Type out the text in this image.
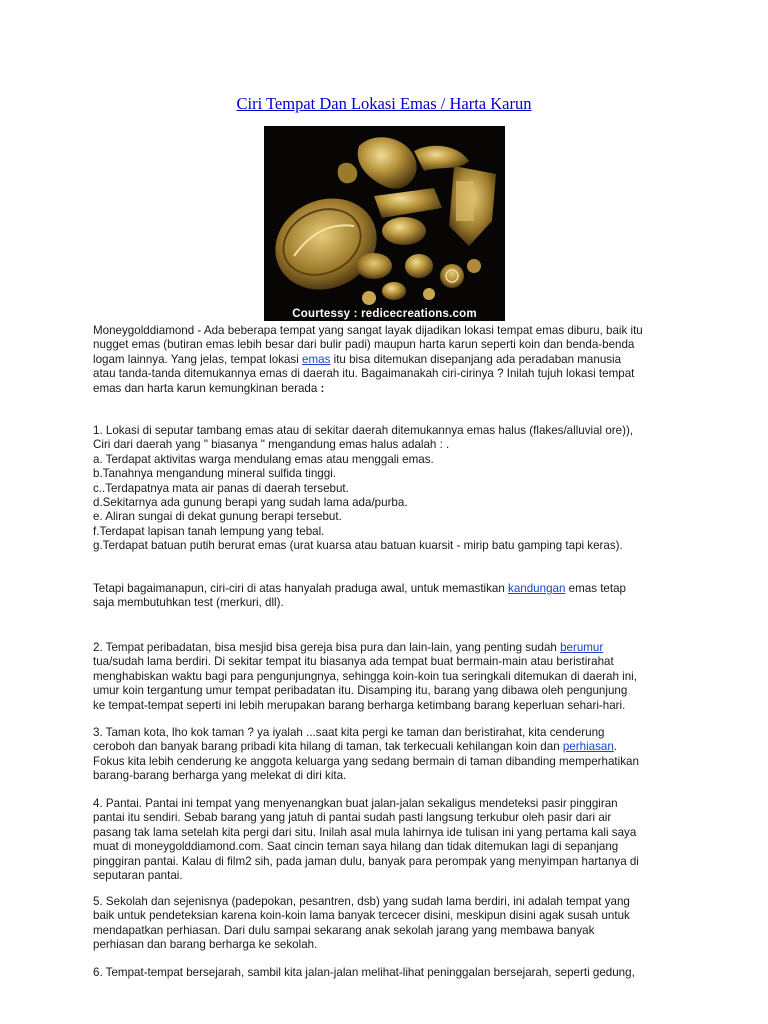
Ciri Tempat Dan Lokasi Emas / Harta Karun
Courtessy : redicecreations.com

Moneygolddiamond - Ada beberapa tempat yang sangat layak dijadikan lokasi tempat emas diburu, baik itu

nugget emas (butiran emas lebih besar dari bulir padi) maupun harta karun seperti koin dan benda-benda

logam lainnya. Yang jelas, tempat lokasi emas itu bisa ditemukan disepanjang ada peradaban manusia

atau tanda-tanda ditemukannya emas di daerah itu. Bagaimanakah ciri-cirinya ? Inilah tujuh lokasi tempat

emas dan harta karun kemungkinan berada :

1. Lokasi di seputar tambang emas atau di sekitar daerah ditemukannya emas halus (flakes/alluvial ore)),

Ciri dari daerah yang " biasanya " mengandung emas halus adalah : .

a. Terdapat aktivitas warga mendulang emas atau menggali emas.

b.Tanahnya mengandung mineral sulfida tinggi.

c..Terdapatnya mata air panas di daerah tersebut.

d.Sekitarnya ada gunung berapi yang sudah lama ada/purba.

e. Aliran sungai di dekat gunung berapi tersebut.

f.Terdapat lapisan tanah lempung yang tebal.

g.Terdapat batuan putih berurat emas (urat kuarsa atau batuan kuarsit - mirip batu gamping tapi keras).

Tetapi bagaimanapun, ciri-ciri di atas hanyalah praduga awal, untuk memastikan kandungan emas tetap

saja membutuhkan test (merkuri, dll).

2. Tempat peribadatan, bisa mesjid bisa gereja bisa pura dan lain-lain, yang penting sudah berumur

tua/sudah lama berdiri. Di sekitar tempat itu biasanya ada tempat buat bermain-main atau beristirahat

menghabiskan waktu bagi para pengunjungnya, sehingga koin-koin tua seringkali ditemukan di daerah ini,

umur koin tergantung umur tempat peribadatan itu. Disamping itu, barang yang dibawa oleh pengunjung

ke tempat-tempat seperti ini lebih merupakan barang berharga ketimbang barang keperluan sehari-hari.

3. Taman kota, lho kok taman ? ya iyalah ...saat kita pergi ke taman dan beristirahat, kita cenderung

ceroboh dan banyak barang pribadi kita hilang di taman, tak terkecuali kehilangan koin dan perhiasan.

Fokus kita lebih cenderung ke anggota keluarga yang sedang bermain di taman dibanding memperhatikan

barang-barang berharga yang melekat di diri kita.

4. Pantai. Pantai ini tempat yang menyenangkan buat jalan-jalan sekaligus mendeteksi pasir pinggiran

pantai itu sendiri. Sebab barang yang jatuh di pantai sudah pasti langsung terkubur oleh pasir dari air

pasang tak lama setelah kita pergi dari situ. Inilah asal mula lahirnya ide tulisan ini yang pertama kali saya

muat di moneygolddiamond.com. Saat cincin teman saya hilang dan tidak ditemukan lagi di sepanjang

pinggiran pantai. Kalau di film2 sih, pada jaman dulu, banyak para perompak yang menyimpan hartanya di

seputaran pantai.

5. Sekolah dan sejenisnya (padepokan, pesantren, dsb) yang sudah lama berdiri, ini adalah tempat yang

baik untuk pendeteksian karena koin-koin lama banyak tercecer disini, meskipun disini agak susah untuk

mendapatkan perhiasan. Dari dulu sampai sekarang anak sekolah jarang yang membawa banyak

perhiasan dan barang berharga ke sekolah.

6. Tempat-tempat bersejarah, sambil kita jalan-jalan melihat-lihat peninggalan bersejarah, seperti gedung,
